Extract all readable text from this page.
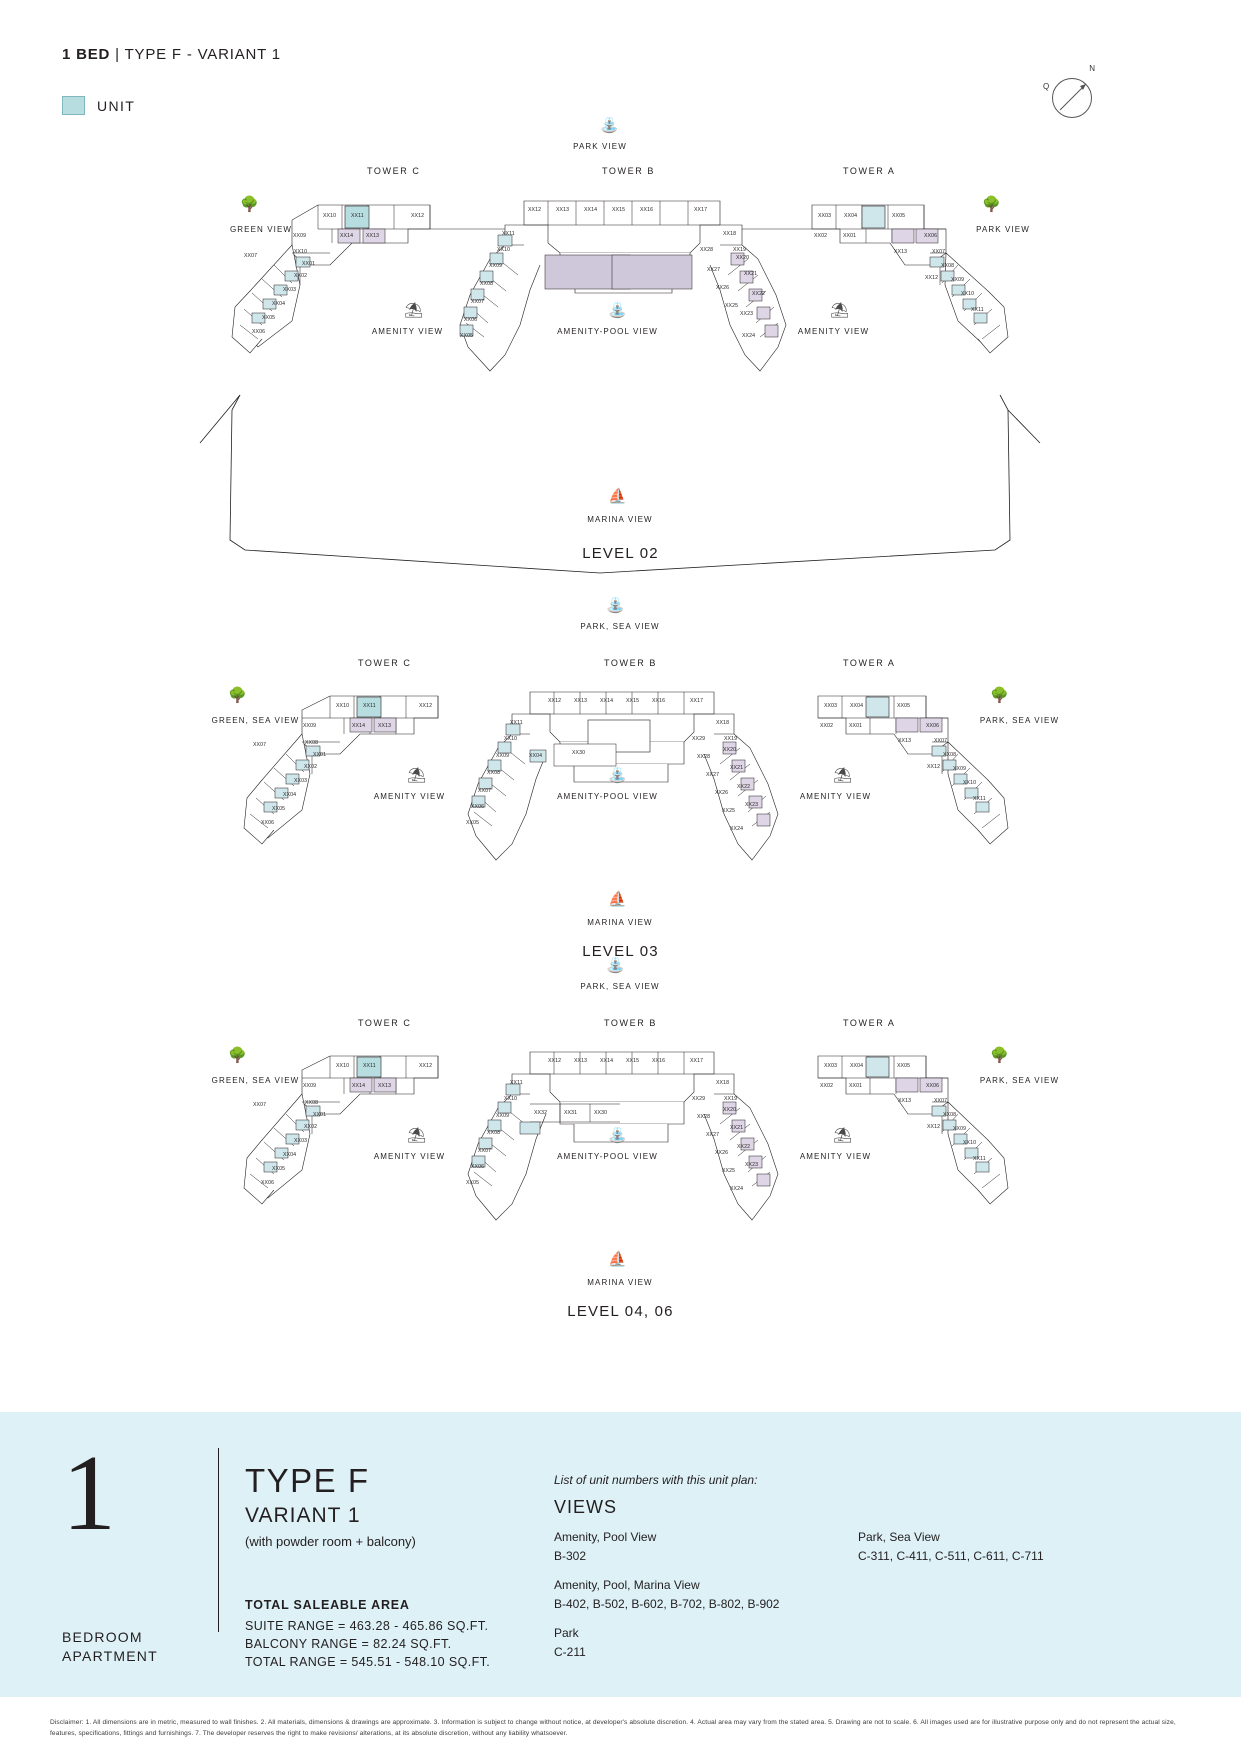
1 BED | TYPE F - VARIANT 1
UNIT
N
Q
⛲
PARK VIEW
TOWER C	TOWER B	TOWER A
🌳
GREEN VIEW
🌳
PARK VIEW
⛱
AMENITY VIEW
⛲
AMENITY-POOL VIEW
⛱
AMENITY VIEW
⛵
MARINA VIEW
LEVEL 02
XX10	XX11	XX12
XX09	XX14 XX13
XX10
XX01
XX02
XX03
XX04
XX05
XX06
XX07
XX12	XX13	XX14	XX15	XX16	XX17
XX11
XX10
XX09
XX08
XX07
XX06
XX05
XX18
XX19
XX28
XX27
XX26
XX25
XX24
XX23
XX22
XX21
XX20
XX03 XX04	XX05
XX02	XX01	XX06
XX07
XX08
XX09
XX10
XX11
XX12
XX13
⛲
PARK, SEA VIEW
TOWER C	TOWER B	TOWER A
🌳
GREEN, SEA VIEW
🌳
PARK, SEA VIEW
⛱
AMENITY VIEW
⛲
AMENITY-POOL VIEW
⛱
AMENITY VIEW
⛵
MARINA VIEW
LEVEL 03
XX10	XX11	XX12
XX09	XX14 XX13
XX08
XX01
XX02
XX03
XX04
XX05
XX06
XX07
XX12 XX13 XX14 XX15 XX16	XX17
XX11
XX10
XX30
XX09
XX08
XX07
XX06
XX05
XX04
XX18
XX19
XX29
XX28
XX27
XX26
XX25
XX24
XX23
XX22
XX21
XX20
XX03 XX04	XX05
XX02	XX01	XX06
XX07
XX08
XX09
XX10
XX11
XX12
XX13
⛲
PARK, SEA VIEW
TOWER C	TOWER B	TOWER A
🌳
GREEN, SEA VIEW
🌳
PARK, SEA VIEW
⛱
AMENITY VIEW
⛲
AMENITY-POOL VIEW
⛱
AMENITY VIEW
⛵
MARINA VIEW
LEVEL 04, 06
XX10	XX11	XX12
XX09	XX14 XX13
XX08
XX01
XX02
XX03
XX04
XX05
XX06
XX07
XX12 XX13 XX14 XX15 XX16	XX17
XX11
XX10
XX32	XX31	XX30
XX09
XX08
XX07
XX06
XX05
XX18
XX19
XX29
XX28
XX27
XX26
XX25
XX24
XX23
XX22
XX21
XX20
XX03 XX04	XX05
XX02	XX01	XX06
XX07
XX08
XX09
XX10
XX11
XX12
XX13
1
BEDROOM
APARTMENT
TYPE F
VARIANT 1
(with powder room + balcony)
TOTAL SALEABLE AREA
SUITE RANGE = 463.28 - 465.86 SQ.FT.
BALCONY RANGE = 82.24 SQ.FT.
TOTAL RANGE = 545.51 - 548.10 SQ.FT.
List of unit numbers with this unit plan:
VIEWS
Amenity, Pool View
B-302
Amenity, Pool, Marina View
B-402, B-502, B-602, B-702, B-802, B-902
Park
C-211
Park, Sea View
C-311, C-411, C-511, C-611, C-711
Disclaimer: 1. All dimensions are in metric, measured to wall finishes. 2. All materials, dimensions & drawings are approximate. 3. Information is subject to change without notice, at developer's absolute discretion. 4. Actual area may vary from the stated area. 5. Drawing are not to scale. 6. All images used are for illustrative purpose only and do not represent the actual size, features, specifications, fittings and furnishings. 7. The developer reserves the right to make revisions/ alterations, at its absolute discretion, without any liability whatsoever.
